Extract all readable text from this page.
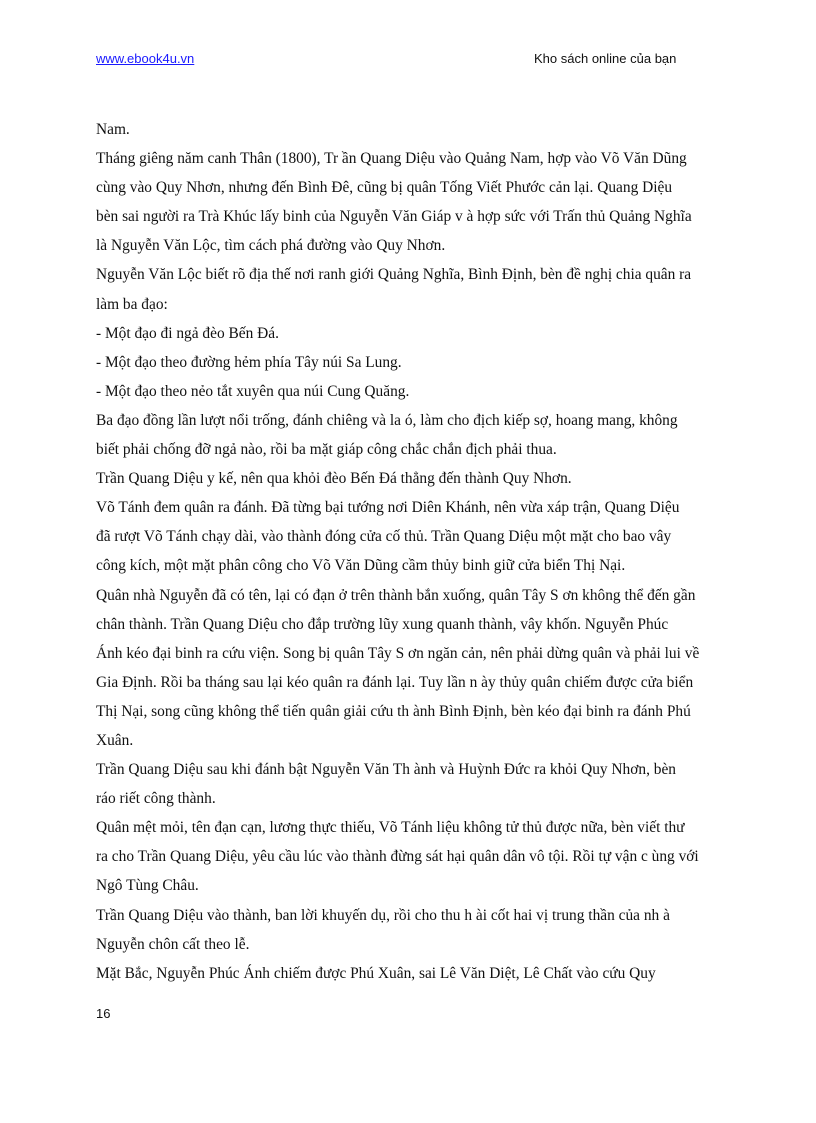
www.ebook4u.vn	Kho sách online của bạn
Nam.
Tháng giêng năm canh Thân (1800), Tr ần Quang Diệu vào Quảng Nam, hợp vào Võ Văn Dũng
cùng vào Quy Nhơn, nhưng đến Bình Đê, cũng bị quân Tống Viết Phước cản lại. Quang Diệu
bèn sai người ra Trà Khúc lấy binh của Nguyễn Văn Giáp v à hợp sức với Trấn thủ Quảng Nghĩa
là Nguyễn Văn Lộc, tìm cách phá đường vào Quy Nhơn.
Nguyễn Văn Lộc biết rõ địa thế nơi ranh giới Quảng Nghĩa, Bình Định, bèn đề nghị chia quân ra
làm ba đạo:
- Một đạo đi ngả đèo Bến Đá.
- Một đạo theo đường hẻm phía Tây núi Sa Lung.
- Một đạo theo nẻo tắt xuyên qua núi Cung Quăng.
Ba đạo đồng lần lượt nổi trống, đánh chiêng và la ó, làm cho địch kiếp sợ, hoang mang, không
biết phải chống đỡ ngả nào, rồi ba mặt giáp công chắc chắn địch phải thua.
Trần Quang Diệu y kế, nên qua khỏi đèo Bến Đá thẳng đến thành Quy Nhơn.
Võ Tánh đem quân ra đánh. Đã từng bại tướng nơi Diên Khánh, nên vừa xáp trận, Quang Diệu
đã rượt Võ Tánh chạy dài, vào thành đóng cửa cố thủ. Trần Quang Diệu một mặt cho bao vây
công kích, một mặt phân công cho Võ Văn Dũng cầm thủy binh giữ cửa biển Thị Nại.
Quân nhà Nguyễn đã có tên, lại có đạn ở trên thành bắn xuống, quân Tây S ơn không thể đến gần
chân thành. Trần Quang Diệu cho đắp trường lũy xung quanh thành, vây khốn. Nguyễn Phúc
Ánh kéo đại binh ra cứu viện. Song bị quân Tây S ơn ngăn cản, nên phải dừng quân và phải lui về
Gia Định. Rồi ba tháng sau lại kéo quân ra đánh lại. Tuy lần n ày thủy quân chiếm được cửa biển
Thị Nại, song cũng không thể tiến quân giải cứu th ành Bình Định, bèn kéo đại binh ra đánh Phú
Xuân.
Trần Quang Diệu sau khi đánh bật Nguyễn Văn Th ành và Huỳnh Đức ra khỏi Quy Nhơn, bèn
ráo riết công thành.
Quân mệt mỏi, tên đạn cạn, lương thực thiếu, Võ Tánh liệu không tử thủ được nữa, bèn viết thư
ra cho Trần Quang Diệu, yêu cầu lúc vào thành đừng sát hại quân dân vô tội. Rồi tự vận c ùng với
Ngô Tùng Châu.
Trần Quang Diệu vào thành, ban lời khuyến dụ, rồi cho thu h ài cốt hai vị trung thần của nh à
Nguyễn chôn cất theo lễ.
Mặt Bắc, Nguyễn Phúc Ánh chiếm được Phú Xuân, sai Lê Văn Diệt, Lê Chất vào cứu Quy
16
